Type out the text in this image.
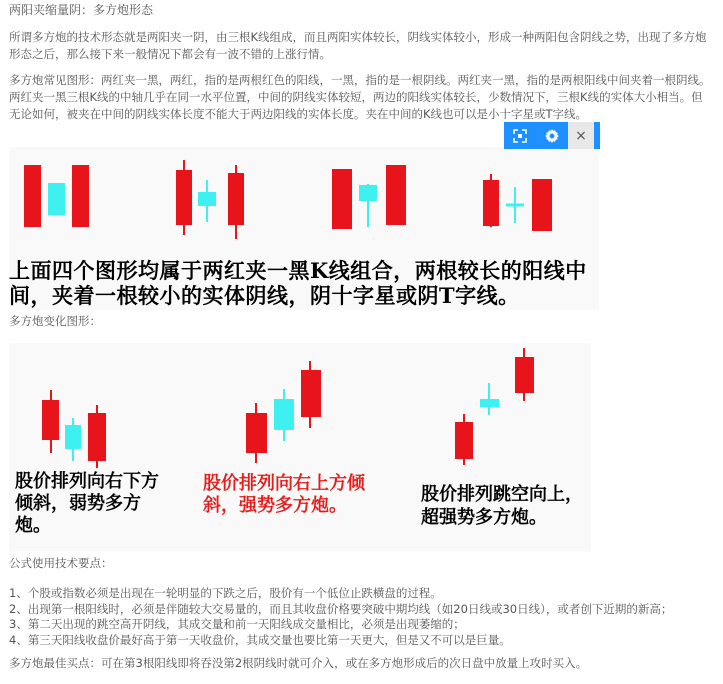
两阳夹缩量阴：多方炮形态
所谓多方炮的技术形态就是两阳夹一阴，由三根K线组成，而且两阳实体较长，阴线实体较小，形成一种两阳包含阴线之势，出现了多方炮形态之后，那么接下来一般情况下都会有一波不错的上涨行情。
多方炮常见图形：两红夹一黑，两红，指的是两根红色的阳线，一黑，指的是一根阴线。两红夹一黑，指的是两根阳线中间夹着一根阴线。两红夹一黑三根K线的中轴几乎在同一水平位置，中间的阴线实体较短，两边的阳线实体较长，少数情况下，三根K线的实体大小相当。但无论如何，被夹在中间的阴线实体长度不能大于两边阳线的实体长度。夹在中间的K线也可以是小十字星或T字线。
上面四个图形均属于两红夹一黑K线组合，两根较长的阳线中间，夹着一根较小的实体阴线，阴十字星或阴T字线。
×
多方炮变化图形：
股价排列向右下方倾斜，弱势多方炮。
股价排列向右上方倾斜，强势多方炮。
股价排列跳空向上，超强势多方炮。
公式使用技术要点：
1、个股或指数必须是出现在一轮明显的下跌之后，股价有一个低位止跌横盘的过程。
2、出现第一根阳线时，必须是伴随较大交易量的，而且其收盘价格要突破中期均线（如20日线或30日线），或者创下近期的新高；
3、第二天出现的跳空高开阴线，其成交量和前一天阳线成交量相比，必须是出现萎缩的；
4、第三天阳线收盘价最好高于第一天收盘价，其成交量也要比第一天更大，但是又不可以是巨量。
多方炮最佳买点：可在第3根阳线即将吞没第2根阴线时就可介入，或在多方炮形成后的次日盘中放量上攻时买入。
